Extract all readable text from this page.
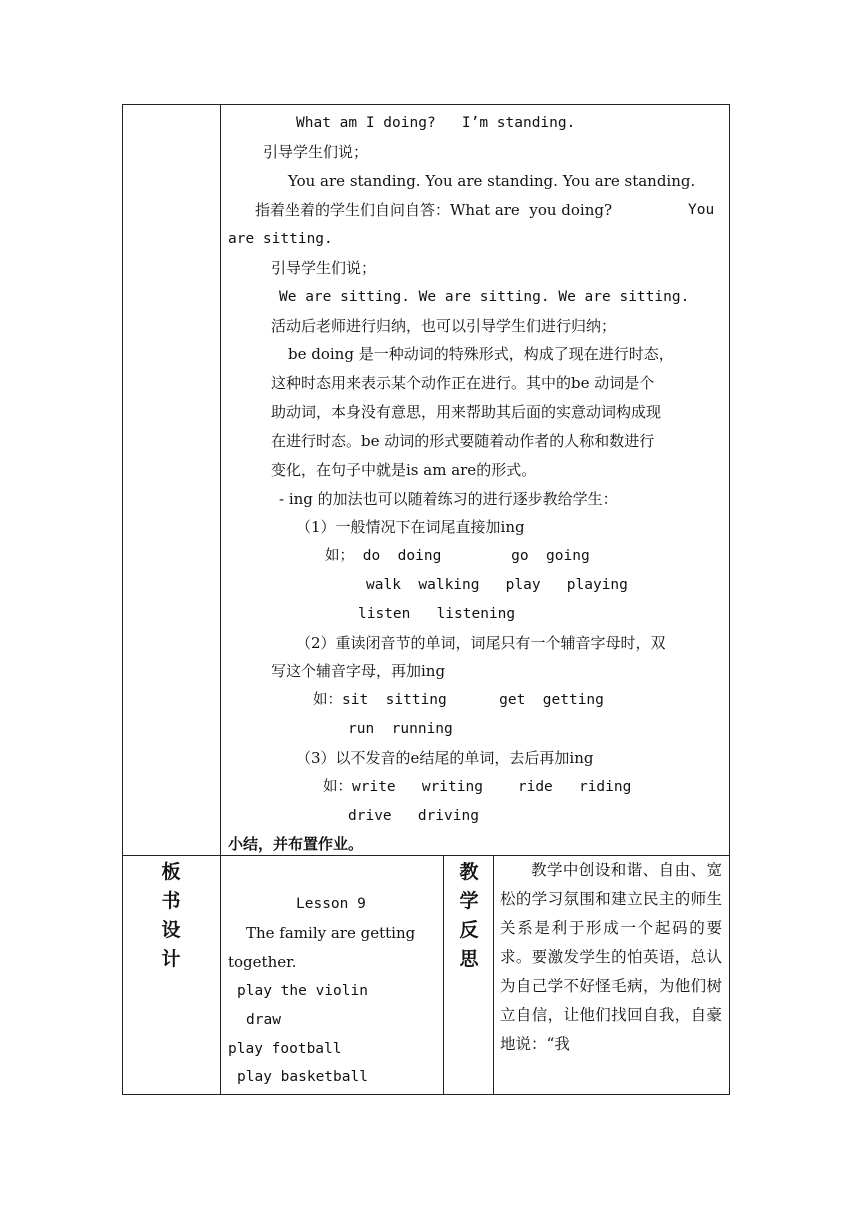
What am I doing?   I’m standing.
引导学生们说；
You are standing. You are standing. You are standing.
指着坐着的学生们自问自答：What are  you doing?	You
are sitting.
引导学生们说；
We are sitting. We are sitting. We are sitting.
活动后老师进行归纳，也可以引导学生们进行归纳；
be doing 是一种动词的特殊形式，构成了现在进行时态，
这种时态用来表示某个动作正在进行。其中的be 动词是个
助动词，本身没有意思，用来帮助其后面的实意动词构成现
在进行时态。be 动词的形式要随着动作者的人称和数进行
变化，在句子中就是is am are的形式。
- ing 的加法也可以随着练习的进行逐步教给学生：
（1）一般情况下在词尾直接加ing
如； do  doing        go  going
walk  walking   play   playing
listen   listening
（2）重读闭音节的单词，词尾只有一个辅音字母时，双
写这个辅音字母，再加ing
如：sit  sitting      get  getting
run  running
（3）以不发音的e结尾的单词，去后再加ing
如：write   writing    ride   riding
drive   driving
小结，并布置作业。
板
书
设
计
Lesson 9
The family are getting
together.
play the violin
draw
play football
play basketball
教
学
反
思
教学中创设和谐、自由、宽松的学习氛围和建立民主的师生关系是利于形成一个起码的要求。要激发学生的怕英语，总认为自己学不好怪毛病，为他们树立自信，让他们找回自我，自豪地说：“我
